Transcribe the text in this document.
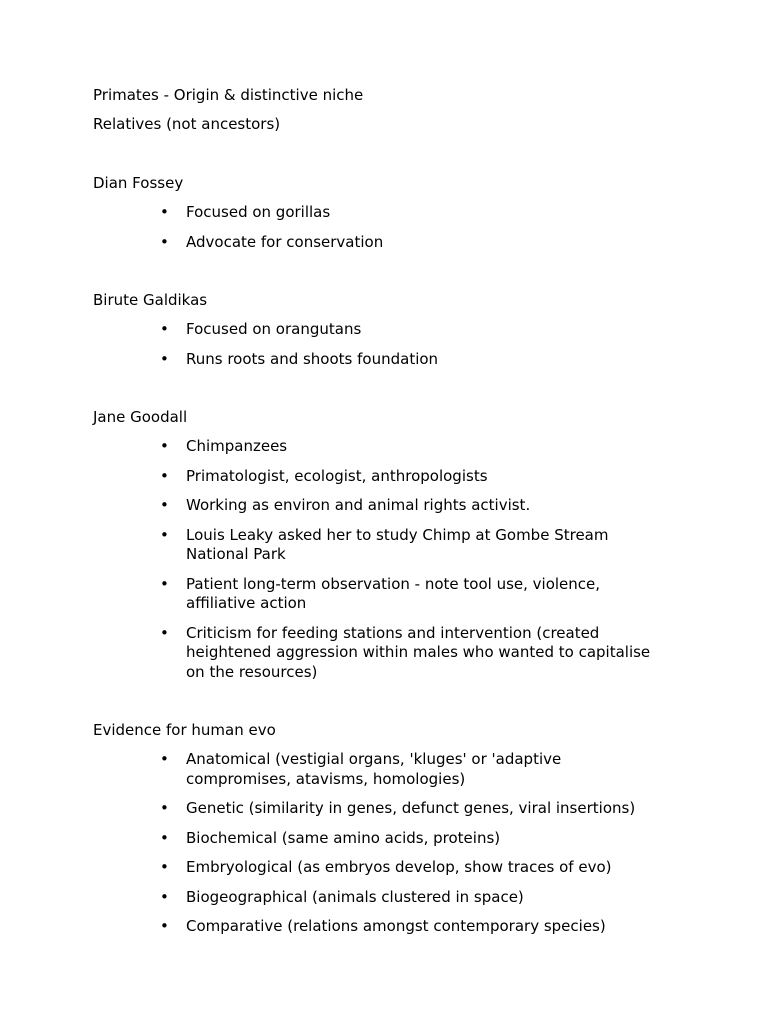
Primates - Origin & distinctive niche

Relatives (not ancestors)

Dian Fossey

• Focused on gorillas
• Advocate for conservation

Birute Galdikas

• Focused on orangutans
• Runs roots and shoots foundation

Jane Goodall

• Chimpanzees
• Primatologist, ecologist, anthropologists
• Working as environ and animal rights activist.
• Louis Leaky asked her to study Chimp at Gombe Stream National Park
• Patient long-term observation - note tool use, violence, affiliative action
• Criticism for feeding stations and intervention (created heightened aggression within males who wanted to capitalise on the resources)

Evidence for human evo

• Anatomical (vestigial organs, 'kluges' or 'adaptive compromises, atavisms, homologies)
• Genetic (similarity in genes, defunct genes, viral insertions)
• Biochemical (same amino acids, proteins)
• Embryological (as embryos develop, show traces of evo)
• Biogeographical (animals clustered in space)
• Comparative (relations amongst contemporary species)
